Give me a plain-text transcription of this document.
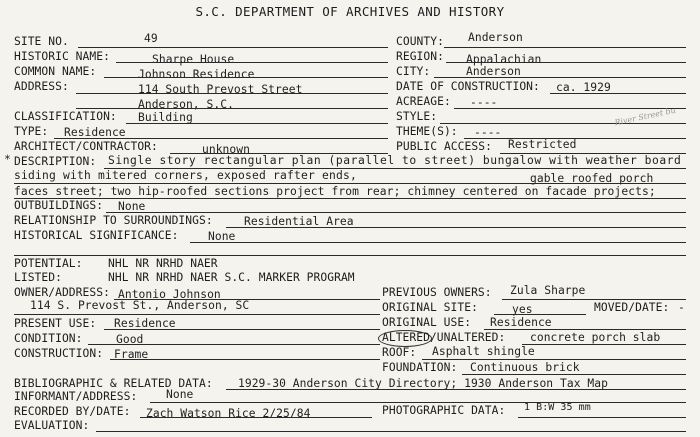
S.C. DEPARTMENT OF ARCHIVES AND HISTORY
SITE NO.	49	COUNTY: Anderson
HISTORIC NAME:	Sharpe House	REGION: Appalachian
COMMON NAME:	Johnson Residence	CITY:	Anderson
ADDRESS:	114 South Prevost Street	DATE OF CONSTRUCTION: ca. 1929
Anderson, S.C.	ACREAGE: ----
CLASSIFICATION: Building	STYLE:	River Street bu
TYPE: Residence	THEME(S): ----
ARCHITECT/CONTRACTOR:	unknown	PUBLIC ACCESS: Restricted
* DESCRIPTION: Single story rectangular plan (parallel to street) bungalow with weather board
siding with mitered corners, exposed rafter ends,	gable roofed porch
faces street; two hip-roofed sections project from rear; chimney centered on facade projects;
OUTBUILDINGS: None
RELATIONSHIP TO SURROUNDINGS:	Residential Area
HISTORICAL SIGNIFICANCE:	None
POTENTIAL: NHL NR NRHD NAER
LISTED:	NHL NR NRHD NAER S.C. MARKER PROGRAM
OWNER/ADDRESS: Antonio Johnson	PREVIOUS OWNERS: Zula Sharpe
114 S. Prevost St., Anderson, SC	ORIGINAL SITE:	yes	MOVED/DATE: -
PRESENT USE: Residence	ORIGINAL USE: Residence
CONDITION:	Good	ALTERED/UNALTERED: concrete porch slab
CONSTRUCTION: Frame	ROOF: Asphalt shingle
FOUNDATION: Continuous brick
BIBLIOGRAPHIC & RELATED DATA: 1929-30 Anderson City Directory; 1930 Anderson Tax Map
INFORMANT/ADDRESS:	None
RECORDED BY/DATE: Zach Watson Rice 2/25/84	PHOTOGRAPHIC DATA: 1 B:W 35 mm
EVALUATION:
